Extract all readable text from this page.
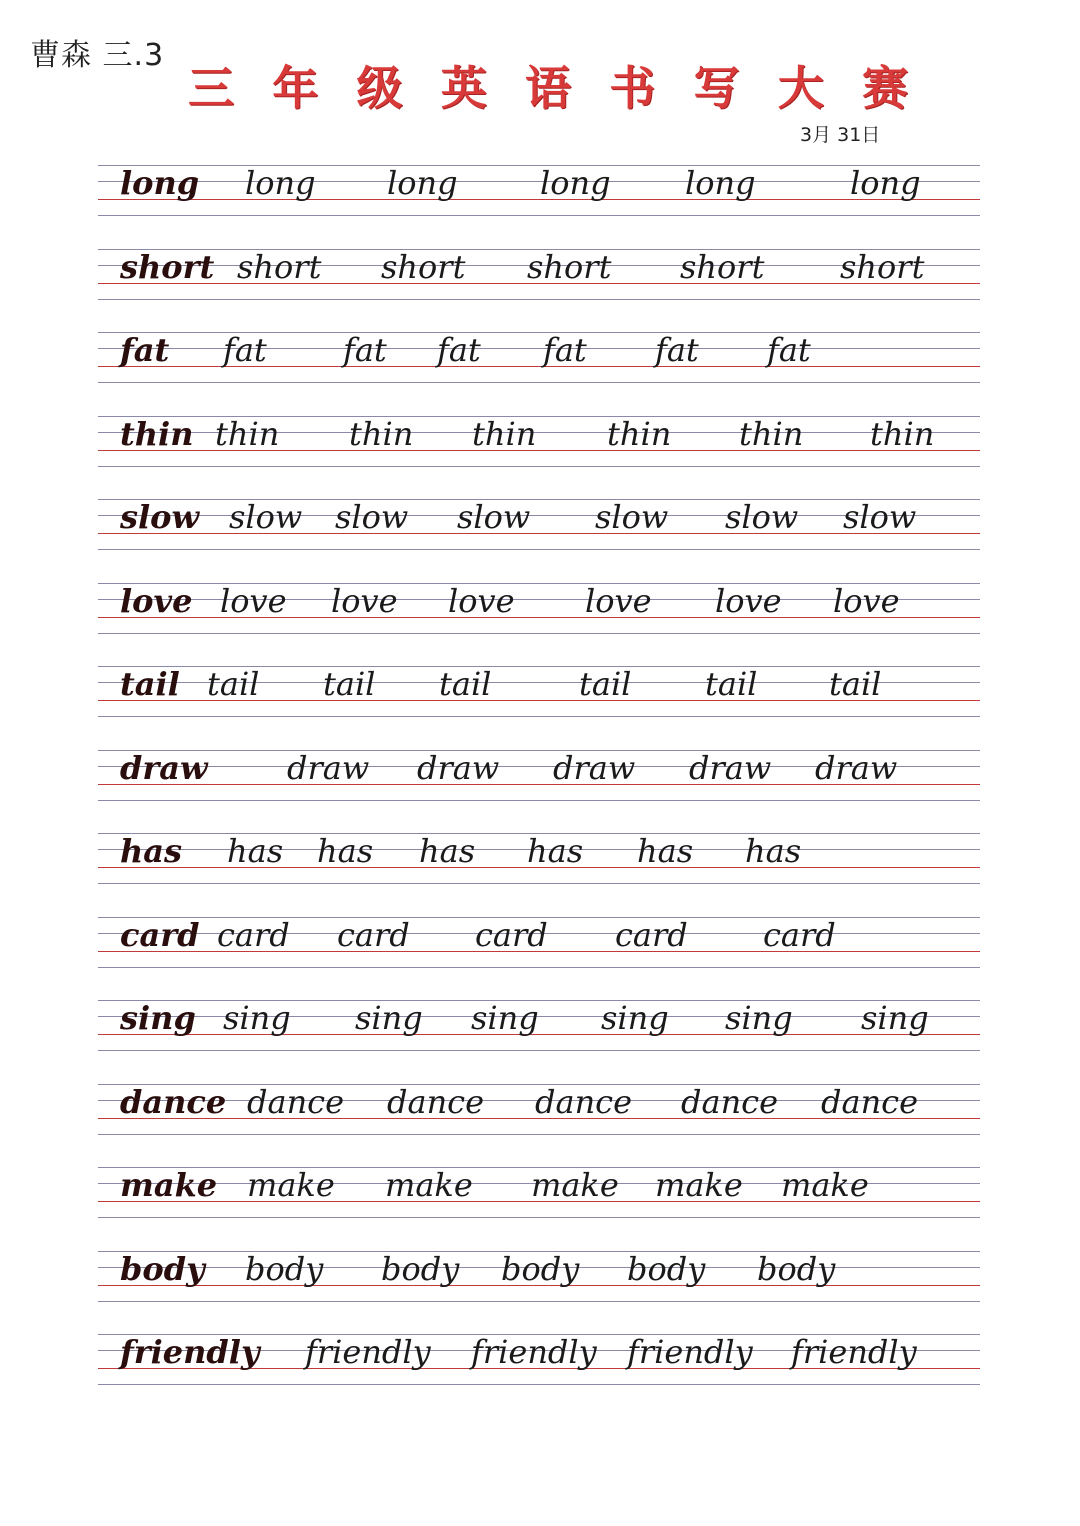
曹森 三.3
三 年 级 英 语 书 写 大 赛
3月 31日
long long long	long long	long
short short short short short short
fat fat fat fat fat fat fat
thin thin thin thin thin thin thin
slow slow slow slow slow slow slow
love love love love love love love
tail tail tail tail	tail tail tail
draw draw draw draw draw draw
has has has has has has has
card card card card card card
sing sing sing sing sing sing sing
dance dance dance dance dance dance
make make make make make make
body body body body body body
friendly friendly friendly friendly friendly
